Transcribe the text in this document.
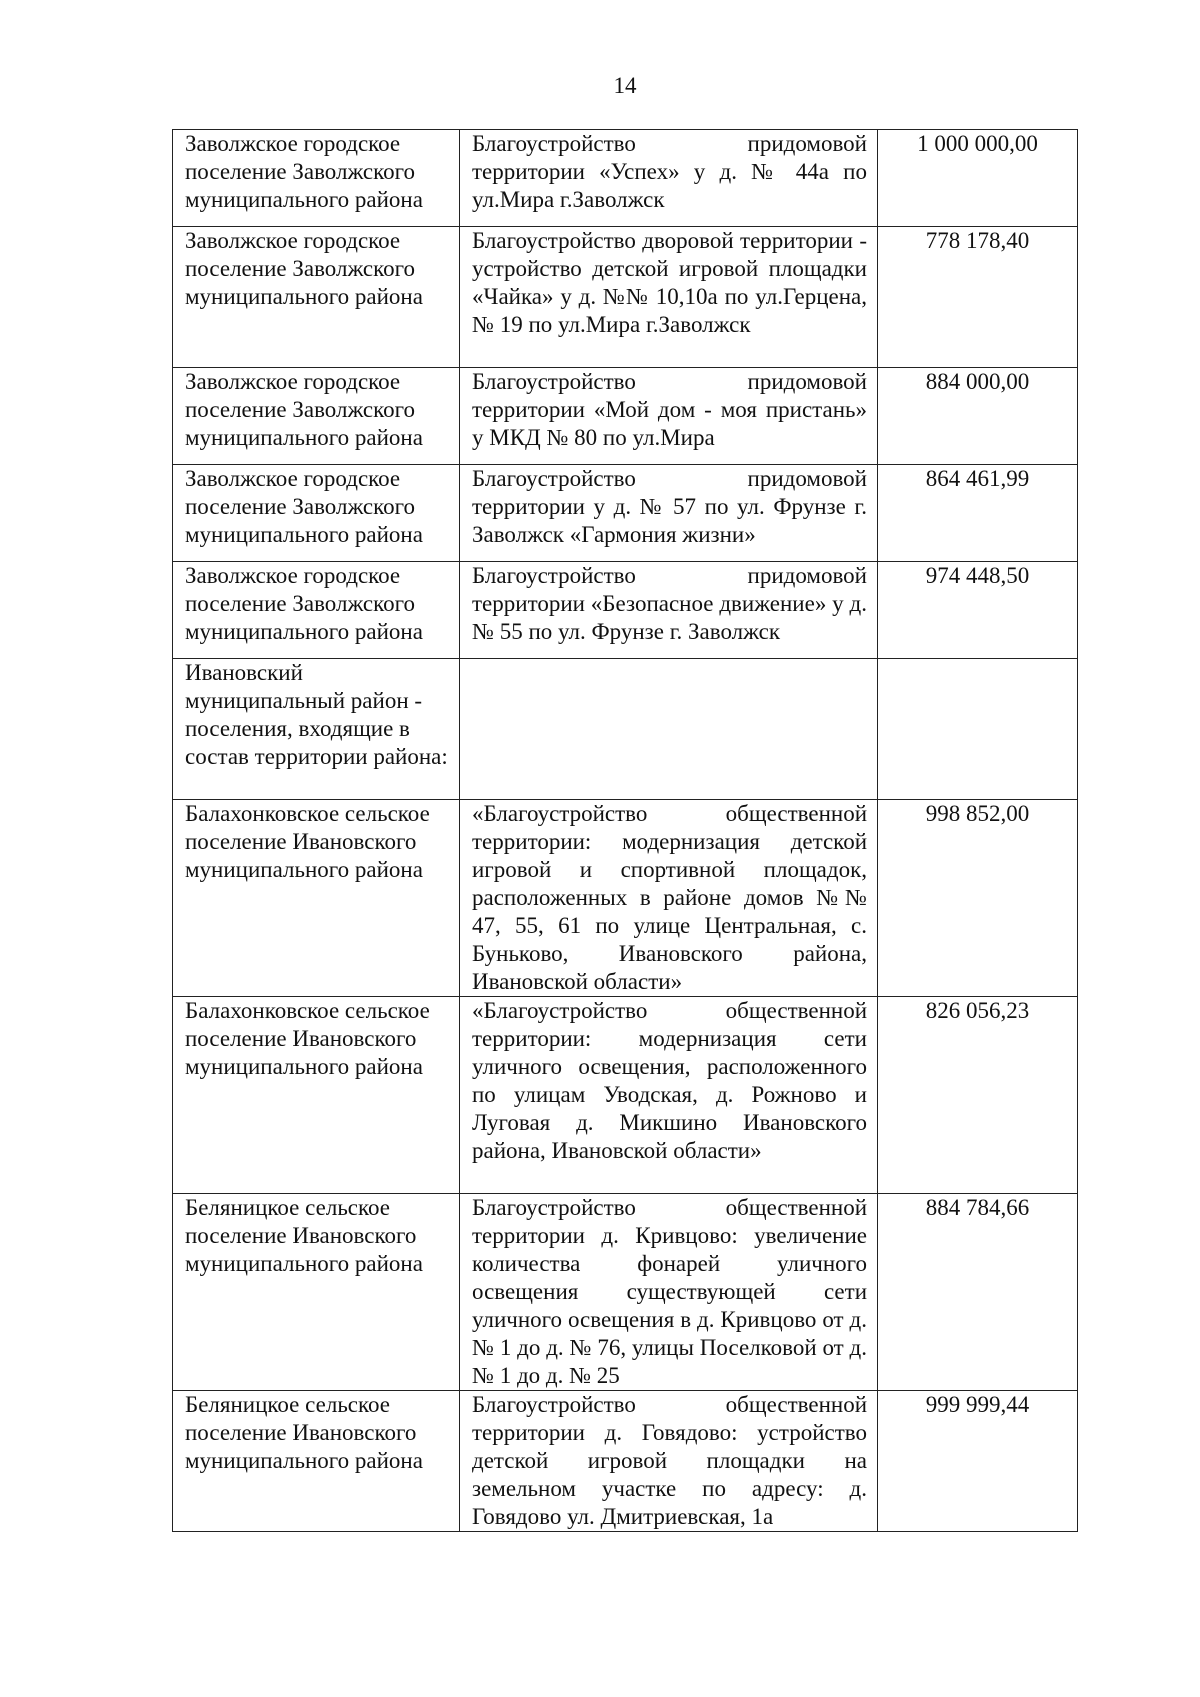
14
Заволжское городское поселение Заволжского муниципального района	Благоустройство придомовой территории «Успех» у д. № 44а по ул.Мира г.Заволжск	1 000 000,00
Заволжское городское поселение Заволжского муниципального района	Благоустройство дворовой территории - устройство детской игровой площадки «Чайка» у д. №№ 10,10а по ул.Герцена, № 19 по ул.Мира г.Заволжск	778 178,40
Заволжское городское поселение Заволжского муниципального района	Благоустройство придомовой территории «Мой дом - моя пристань» у МКД № 80 по ул.Мира	884 000,00
Заволжское городское поселение Заволжского муниципального района	Благоустройство придомовой территории у д. № 57 по ул. Фрунзе г. Заволжск «Гармония жизни»	864 461,99
Заволжское городское поселение Заволжского муниципального района	Благоустройство придомовой территории «Безопасное движение» у д. № 55 по ул. Фрунзе г. Заволжск	974 448,50
Ивановский муниципальный район - поселения, входящие в состав территории района:		
Балахонковское сельское поселение Ивановского муниципального района	«Благоустройство общественной территории: модернизация детской игровой и спортивной площадок, расположенных в районе домов №№ 47, 55, 61 по улице Центральная, с. Буньково, Ивановского района, Ивановской области»	998 852,00
Балахонковское сельское поселение Ивановского муниципального района	«Благоустройство общественной территории: модернизация сети уличного освещения, расположенного по улицам Уводская, д. Рожново и Луговая д. Микшино Ивановского района, Ивановской области»	826 056,23
Беляницкое сельское поселение Ивановского муниципального района	Благоустройство общественной территории д. Кривцово: увеличение количества фонарей уличного освещения существующей сети уличного освещения в д. Кривцово от д. № 1 до д. № 76, улицы Поселковой от д. № 1 до д. № 25	884 784,66
Беляницкое сельское поселение Ивановского муниципального района	Благоустройство общественной территории д. Говядово: устройство детской игровой площадки на земельном участке по адресу: д. Говядово ул. Дмитриевская, 1а	999 999,44
